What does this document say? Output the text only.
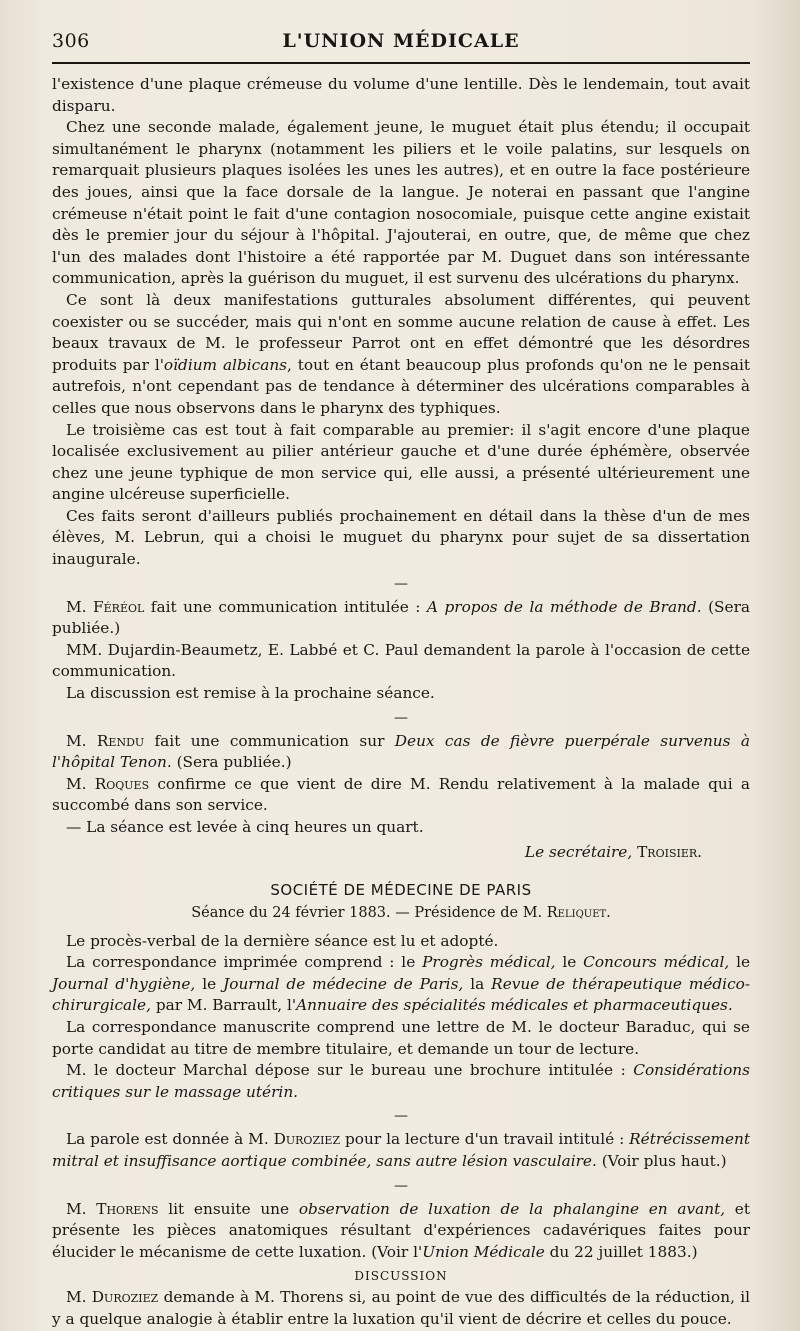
306	L'UNION MÉDICALE

l'existence d'une plaque crémeuse du volume d'une lentille. Dès le lendemain, tout avait disparu.

Chez une seconde malade, également jeune, le muguet était plus étendu; il occupait simultanément le pharynx (notamment les piliers et le voile palatins, sur lesquels on remarquait plusieurs plaques isolées les unes les autres), et en outre la face postérieure des joues, ainsi que la face dorsale de la langue. Je noterai en passant que l'angine crémeuse n'était point le fait d'une contagion nosocomiale, puisque cette angine existait dès le premier jour du séjour à l'hôpital. J'ajouterai, en outre, que, de même que chez l'un des malades dont l'histoire a été rapportée par M. Duguet dans son intéressante communication, après la guérison du muguet, il est survenu des ulcérations du pharynx.

Ce sont là deux manifestations gutturales absolument différentes, qui peuvent coexister ou se succéder, mais qui n'ont en somme aucune relation de cause à effet. Les beaux travaux de M. le professeur Parrot ont en effet démontré que les désordres produits par l'oïdium albicans, tout en étant beaucoup plus profonds qu'on ne le pensait autrefois, n'ont cependant pas de tendance à déterminer des ulcérations comparables à celles que nous observons dans le pharynx des typhiques.

Le troisième cas est tout à fait comparable au premier: il s'agit encore d'une plaque localisée exclusivement au pilier antérieur gauche et d'une durée éphémère, observée chez une jeune typhique de mon service qui, elle aussi, a présenté ultérieurement une angine ulcéreuse superficielle.

Ces faits seront d'ailleurs publiés prochainement en détail dans la thèse d'un de mes élèves, M. Lebrun, qui a choisi le muguet du pharynx pour sujet de sa dissertation inaugurale.

—

M. Féréol fait une communication intitulée : A propos de la méthode de Brand. (Sera publiée.)

MM. Dujardin-Beaumetz, E. Labbé et C. Paul demandent la parole à l'occasion de cette communication.

La discussion est remise à la prochaine séance.

—

M. Rendu fait une communication sur Deux cas de fièvre puerpérale survenus à l'hôpital Tenon. (Sera publiée.)

M. Roques confirme ce que vient de dire M. Rendu relativement à la malade qui a succombé dans son service.

— La séance est levée à cinq heures un quart.

Le secrétaire, Troisier.
SOCIÉTÉ DE MÉDECINE DE PARIS
Séance du 24 février 1883. — Présidence de M. Reliquet.

Le procès-verbal de la dernière séance est lu et adopté.

La correspondance imprimée comprend : le Progrès médical, le Concours médical, le Journal d'hygiène, le Journal de médecine de Paris, la Revue de thérapeutique médico-chirurgicale, par M. Barrault, l'Annuaire des spécialités médicales et pharmaceutiques.

La correspondance manuscrite comprend une lettre de M. le docteur Baraduc, qui se porte candidat au titre de membre titulaire, et demande un tour de lecture.

M. le docteur Marchal dépose sur le bureau une brochure intitulée : Considérations critiques sur le massage utérin.

—

La parole est donnée à M. Duroziez pour la lecture d'un travail intitulé : Rétrécissement mitral et insuffisance aortique combinée, sans autre lésion vasculaire. (Voir plus haut.)

—

M. Thorens lit ensuite une observation de luxation de la phalangine en avant, et présente les pièces anatomiques résultant d'expériences cadavériques faites pour élucider le mécanisme de cette luxation. (Voir l'Union Médicale du 22 juillet 1883.)

DISCUSSION

M. Duroziez demande à M. Thorens si, au point de vue des difficultés de la réduction, il y a quelque analogie à établir entre la luxation qu'il vient de décrire et celles du pouce.
